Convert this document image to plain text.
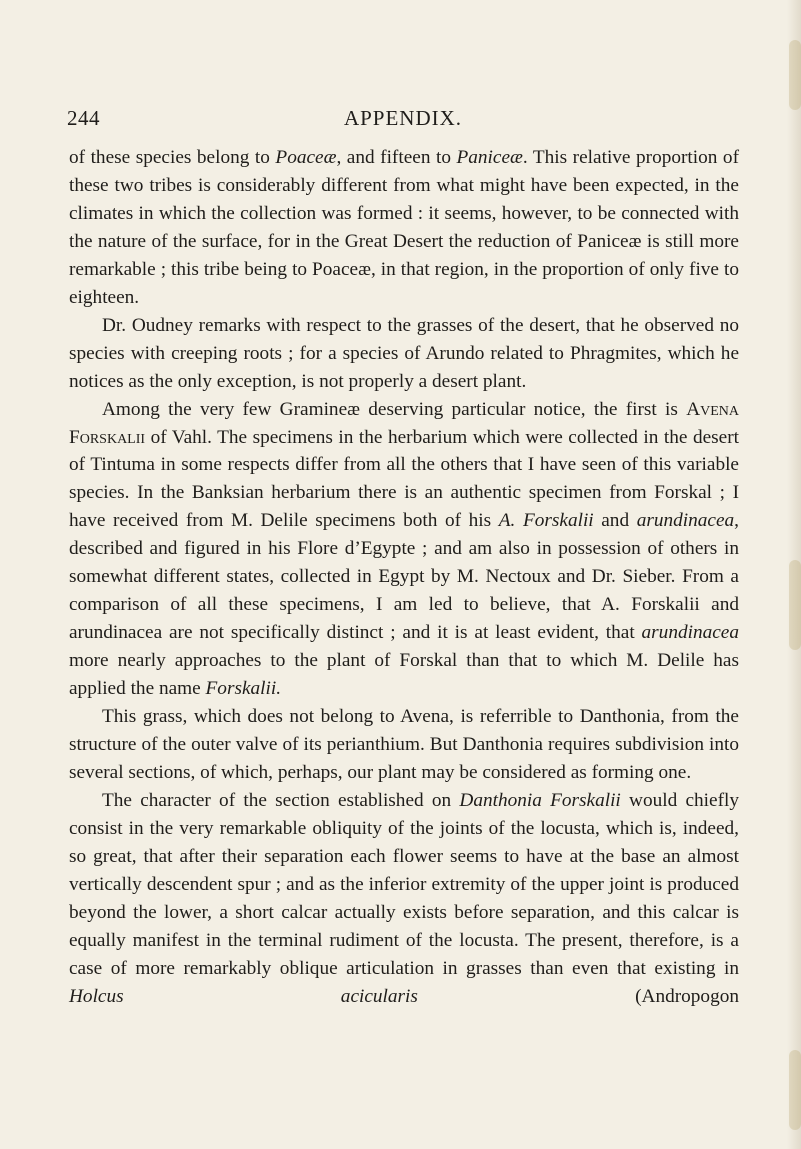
244	APPENDIX.

of these species belong to Poaceæ, and fifteen to Paniceæ. This relative proportion of these two tribes is considerably different from what might have been expected, in the climates in which the collection was formed : it seems, however, to be connected with the nature of the surface, for in the Great Desert the reduction of Paniceæ is still more remarkable ; this tribe being to Poaceæ, in that region, in the proportion of only five to eighteen.

Dr. Oudney remarks with respect to the grasses of the desert, that he observed no species with creeping roots ; for a species of Arundo related to Phragmites, which he notices as the only exception, is not properly a desert plant.

Among the very few Gramineæ deserving particular notice, the first is Avena Forskalii of Vahl. The specimens in the herbarium which were collected in the desert of Tintuma in some respects differ from all the others that I have seen of this variable species. In the Banksian herbarium there is an authentic specimen from Forskal ; I have received from M. Delile specimens both of his A. Forskalii and arundinacea, described and figured in his Flore d’Egypte ; and am also in possession of others in somewhat different states, collected in Egypt by M. Nectoux and Dr. Sieber. From a comparison of all these specimens, I am led to believe, that A. Forskalii and arundinacea are not specifically distinct ; and it is at least evident, that arundinacea more nearly approaches to the plant of Forskal than that to which M. Delile has applied the name Forskalii.

This grass, which does not belong to Avena, is referrible to Danthonia, from the structure of the outer valve of its perianthium. But Danthonia requires subdivision into several sections, of which, perhaps, our plant may be considered as forming one.

The character of the section established on Danthonia Forskalii would chiefly consist in the very remarkable obliquity of the joints of the locusta, which is, indeed, so great, that after their separation each flower seems to have at the base an almost vertically descendent spur ; and as the inferior extremity of the upper joint is produced beyond the lower, a short calcar actually exists before separation, and this calcar is equally manifest in the terminal rudiment of the locusta. The present, therefore, is a case of more remarkably oblique articulation in grasses than even that existing in Holcus acicularis (Andropogon
